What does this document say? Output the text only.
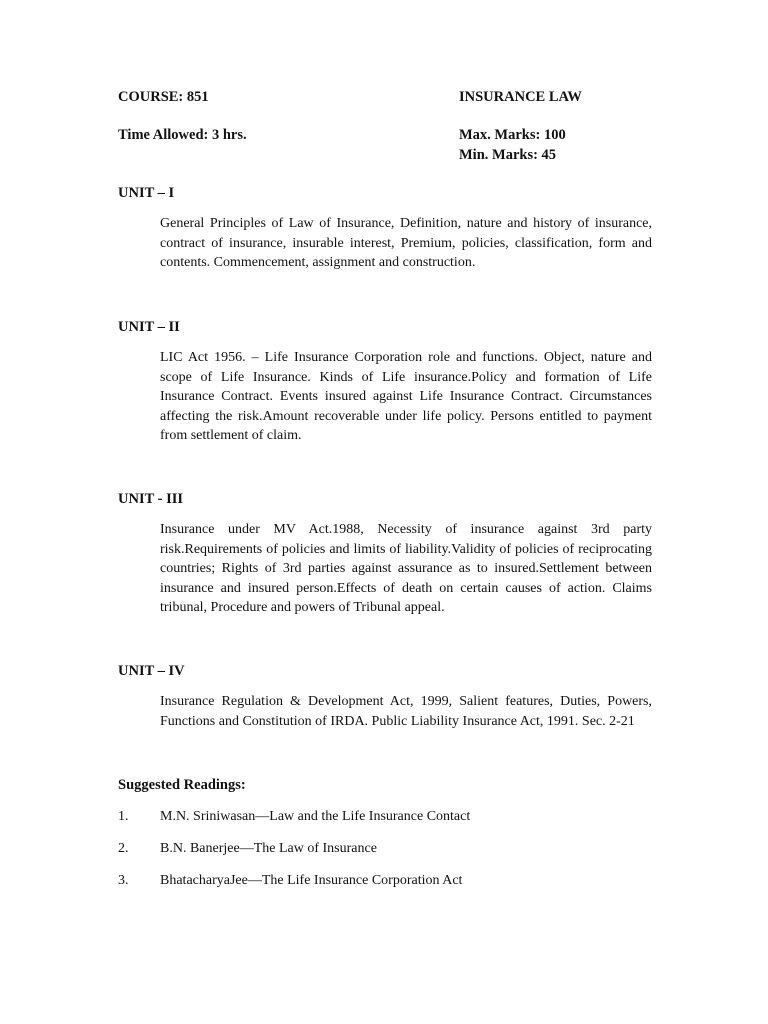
COURSE: 851	INSURANCE LAW
Time Allowed: 3 hrs.	Max. Marks: 100
Min. Marks: 45
UNIT – I
General Principles of Law of Insurance, Definition, nature and history of insurance, contract of insurance, insurable interest, Premium, policies, classification, form and contents. Commencement, assignment and construction.
UNIT – II
LIC Act 1956. – Life Insurance Corporation role and functions. Object, nature and scope of Life Insurance. Kinds of Life insurance.Policy and formation of Life Insurance Contract. Events insured against Life Insurance Contract. Circumstances affecting the risk.Amount recoverable under life policy. Persons entitled to payment from settlement of claim.
UNIT - III
Insurance under MV Act.1988, Necessity of insurance against 3rd party risk.Requirements of policies and limits of liability.Validity of policies of reciprocating countries; Rights of 3rd parties against assurance as to insured.Settlement between insurance and insured person.Effects of death on certain causes of action. Claims tribunal, Procedure and powers of Tribunal appeal.
UNIT – IV
Insurance Regulation & Development Act, 1999, Salient features, Duties, Powers, Functions and Constitution of IRDA. Public Liability Insurance Act, 1991. Sec. 2-21
Suggested Readings:
1. M.N. Sriniwasan—Law and the Life Insurance Contact
2. B.N. Banerjee—The Law of Insurance
3. BhatacharyaJee—The Life Insurance Corporation Act
